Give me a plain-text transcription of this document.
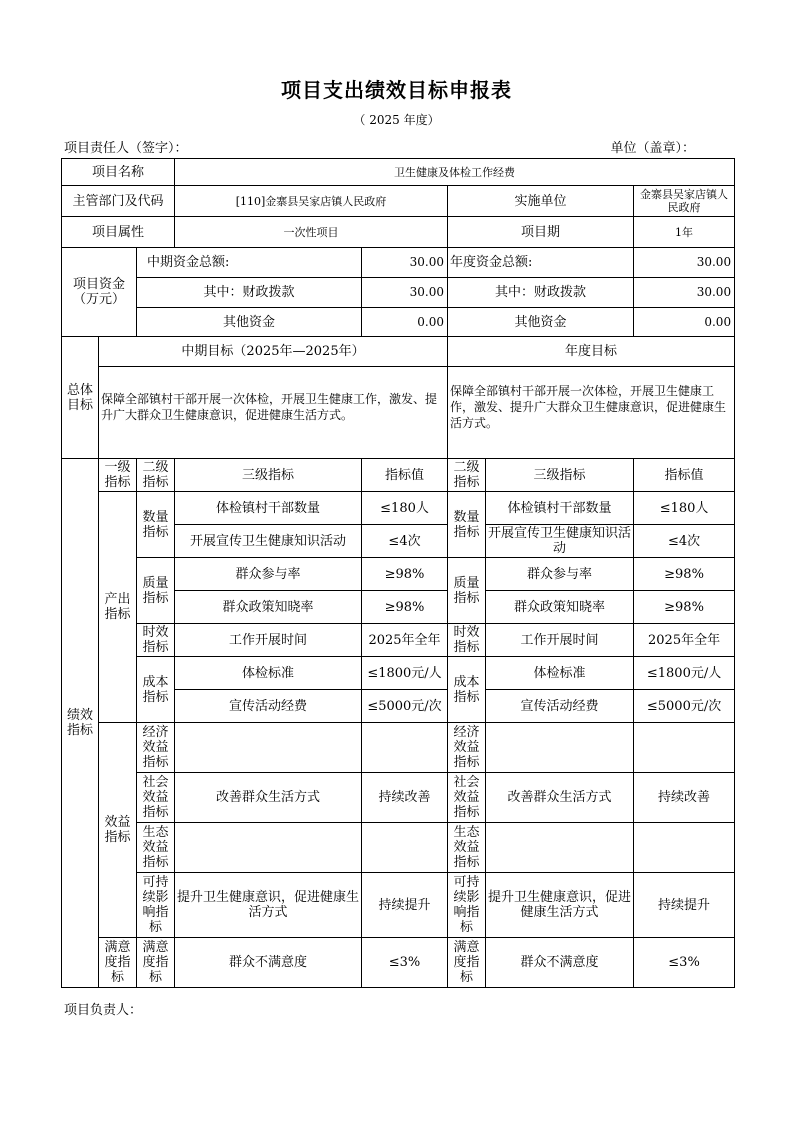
项目支出绩效目标申报表
（ 2025 年度）
项目责任人（签字）：	单位（盖章）：
项目名称			卫生健康及体检工作经费				
主管部门及代码			[110]金寨县吴家店镇人民政府		实施单位		金寨县吴家店镇人民政府
项目属性			一次性项目		项目期		1年
项目资金（万元）		中期资金总额:		30.00	年度资金总额:		30.00
		其中：财政拨款		30.00	其中：财政拨款		30.00
		其他资金		0.00	其他资金		0.00
总体目标	中期目标（2025年—2025年）				年度目标		
	保障全部镇村干部开展一次体检，开展卫生健康工作，激发、提升广大群众卫生健康意识，促进健康生活方式。				保障全部镇村干部开展一次体检，开展卫生健康工作，激发、提升广大群众卫生健康意识，促进健康生活方式。		
绩效指标	一级指标	二级指标	三级指标	指标值	二级指标	三级指标	指标值
	产出指标	数量指标	体检镇村干部数量	≤180人	数量指标	体检镇村干部数量	≤180人
			开展宣传卫生健康知识活动	≤4次		开展宣传卫生健康知识活动	≤4次
		质量指标	群众参与率	≥98%	质量指标	群众参与率	≥98%
			群众政策知晓率	≥98%		群众政策知晓率	≥98%
		时效指标	工作开展时间	2025年全年	时效指标	工作开展时间	2025年全年
		成本指标	体检标准	≤1800元/人	成本指标	体检标准	≤1800元/人
			宣传活动经费	≤5000元/次		宣传活动经费	≤5000元/次
	效益指标	经济效益指标			经济效益指标		
		社会效益指标	改善群众生活方式	持续改善	社会效益指标	改善群众生活方式	持续改善
		生态效益指标			生态效益指标		
		可持续影响指标	提升卫生健康意识，促进健康生活方式	持续提升	可持续影响指标	提升卫生健康意识，促进健康生活方式	持续提升
	满意度指标	满意度指标	群众不满意度	≤3%	满意度指标	群众不满意度	≤3%
项目负责人：
